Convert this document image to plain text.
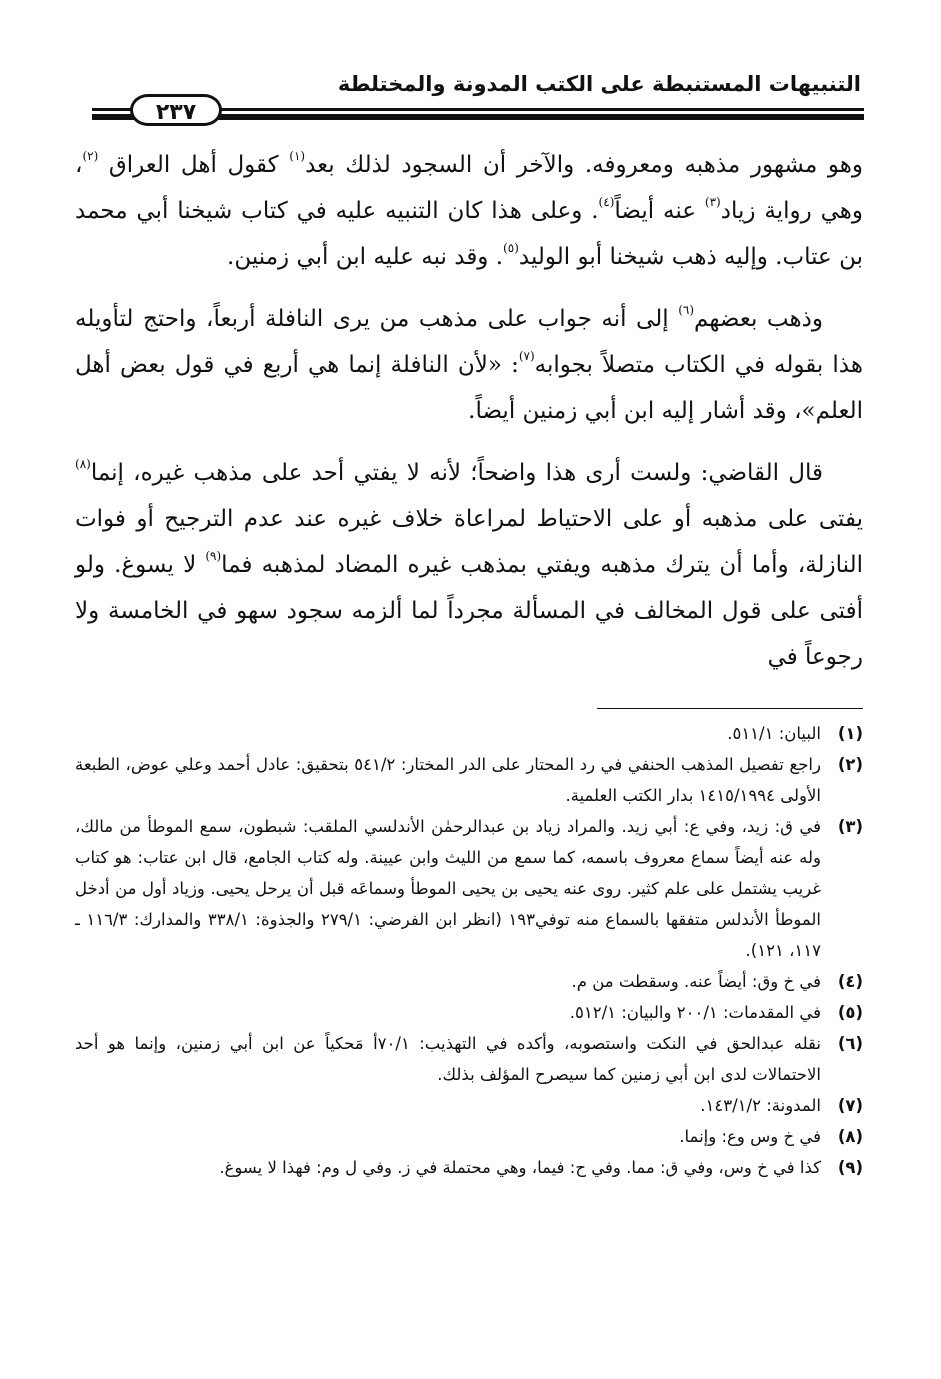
التنبيهات المستنبطة على الكتب المدونة والمختلطة
٢٣٧

وهو مشهور مذهبه ومعروفه. والآخر أن السجود لذلك بعد$^{(١)}$ كقول أهل العراق $^{(٢)}$، وهي رواية زياد$^{(٣)}$ عنه أيضاً$^{(٤)}$. وعلى هذا كان التنبيه عليه في كتاب شيخنا أبي محمد بن عتاب. وإليه ذهب شيخنا أبو الوليد$^{(٥)}$. وقد نبه عليه ابن أبي زمنين.

وذهب بعضهم$^{(٦)}$ إلى أنه جواب على مذهب من يرى النافلة أربعاً، واحتج لتأويله هذا بقوله في الكتاب متصلاً بجوابه$^{(٧)}$: «لأن النافلة إنما هي أربع في قول بعض أهل العلم»، وقد أشار إليه ابن أبي زمنين أيضاً.

قال القاضي: ولست أرى هذا واضحاً؛ لأنه لا يفتي أحد على مذهب غيره، إنما$^{(٨)}$ يفتى على مذهبه أو على الاحتياط لمراعاة خلاف غيره عند عدم الترجيح أو فوات النازلة، وأما أن يترك مذهبه ويفتي بمذهب غيره المضاد لمذهبه فما$^{(٩)}$ لا يسوغ. ولو أفتى على قول المخالف في المسألة مجرداً لما ألزمه سجود سهو في الخامسة ولا رجوعاً في

(١)
البيان: ٥١١/١.
(٢)
راجع تفصيل المذهب الحنفي في رد المحتار على الدر المختار: ٥٤١/٢ بتحقيق: عادل أحمد وعلي عوض، الطبعة الأولى ١٤١٥/١٩٩٤ بدار الكتب العلمية.
(٣)
في ق: زيد، وفي ع: أبي زيد. والمراد زياد بن عبدالرحمٰن الأندلسي الملقب: شبطون، سمع الموطأ من مالك، وله عنه أيضاً سماع معروف باسمه، كما سمع من الليث وابن عيينة. وله كتاب الجامع، قال ابن عتاب: هو كتاب غريب يشتمل على علم كثير. روى عنه يحيى بن يحيى الموطأ وسماعَه قبل أن يرحل يحيى. وزياد أول من أدخل الموطأ الأندلس متفقها بالسماع منه توفي١٩٣ (انظر ابن الفرضي: ٢٧٩/١ والجذوة: ٣٣٨/١ والمدارك: ١١٦/٣ ـ ١١٧، ١٢١).
(٤)
في خ وق: أيضاً عنه. وسقطت من م.
(٥)
في المقدمات: ٢٠٠/١ والبيان: ٥١٢/١.
(٦)
نقله عبدالحق في النكت واستصوبه، وأكده في التهذيب: ٧٠/١أ مَحكياً عن ابن أبي زمنين، وإنما هو أحد الاحتمالات لدى ابن أبي زمنين كما سيصرح المؤلف بذلك.
(٧)
المدونة: ١٤٣/١/٢.
(٨)
في خ وس وع: وإنما.
(٩)
كذا في خ وس، وفي ق: مما. وفي ح: فيما، وهي محتملة في ز. وفي ل وم: فهذا لا يسوغ.
